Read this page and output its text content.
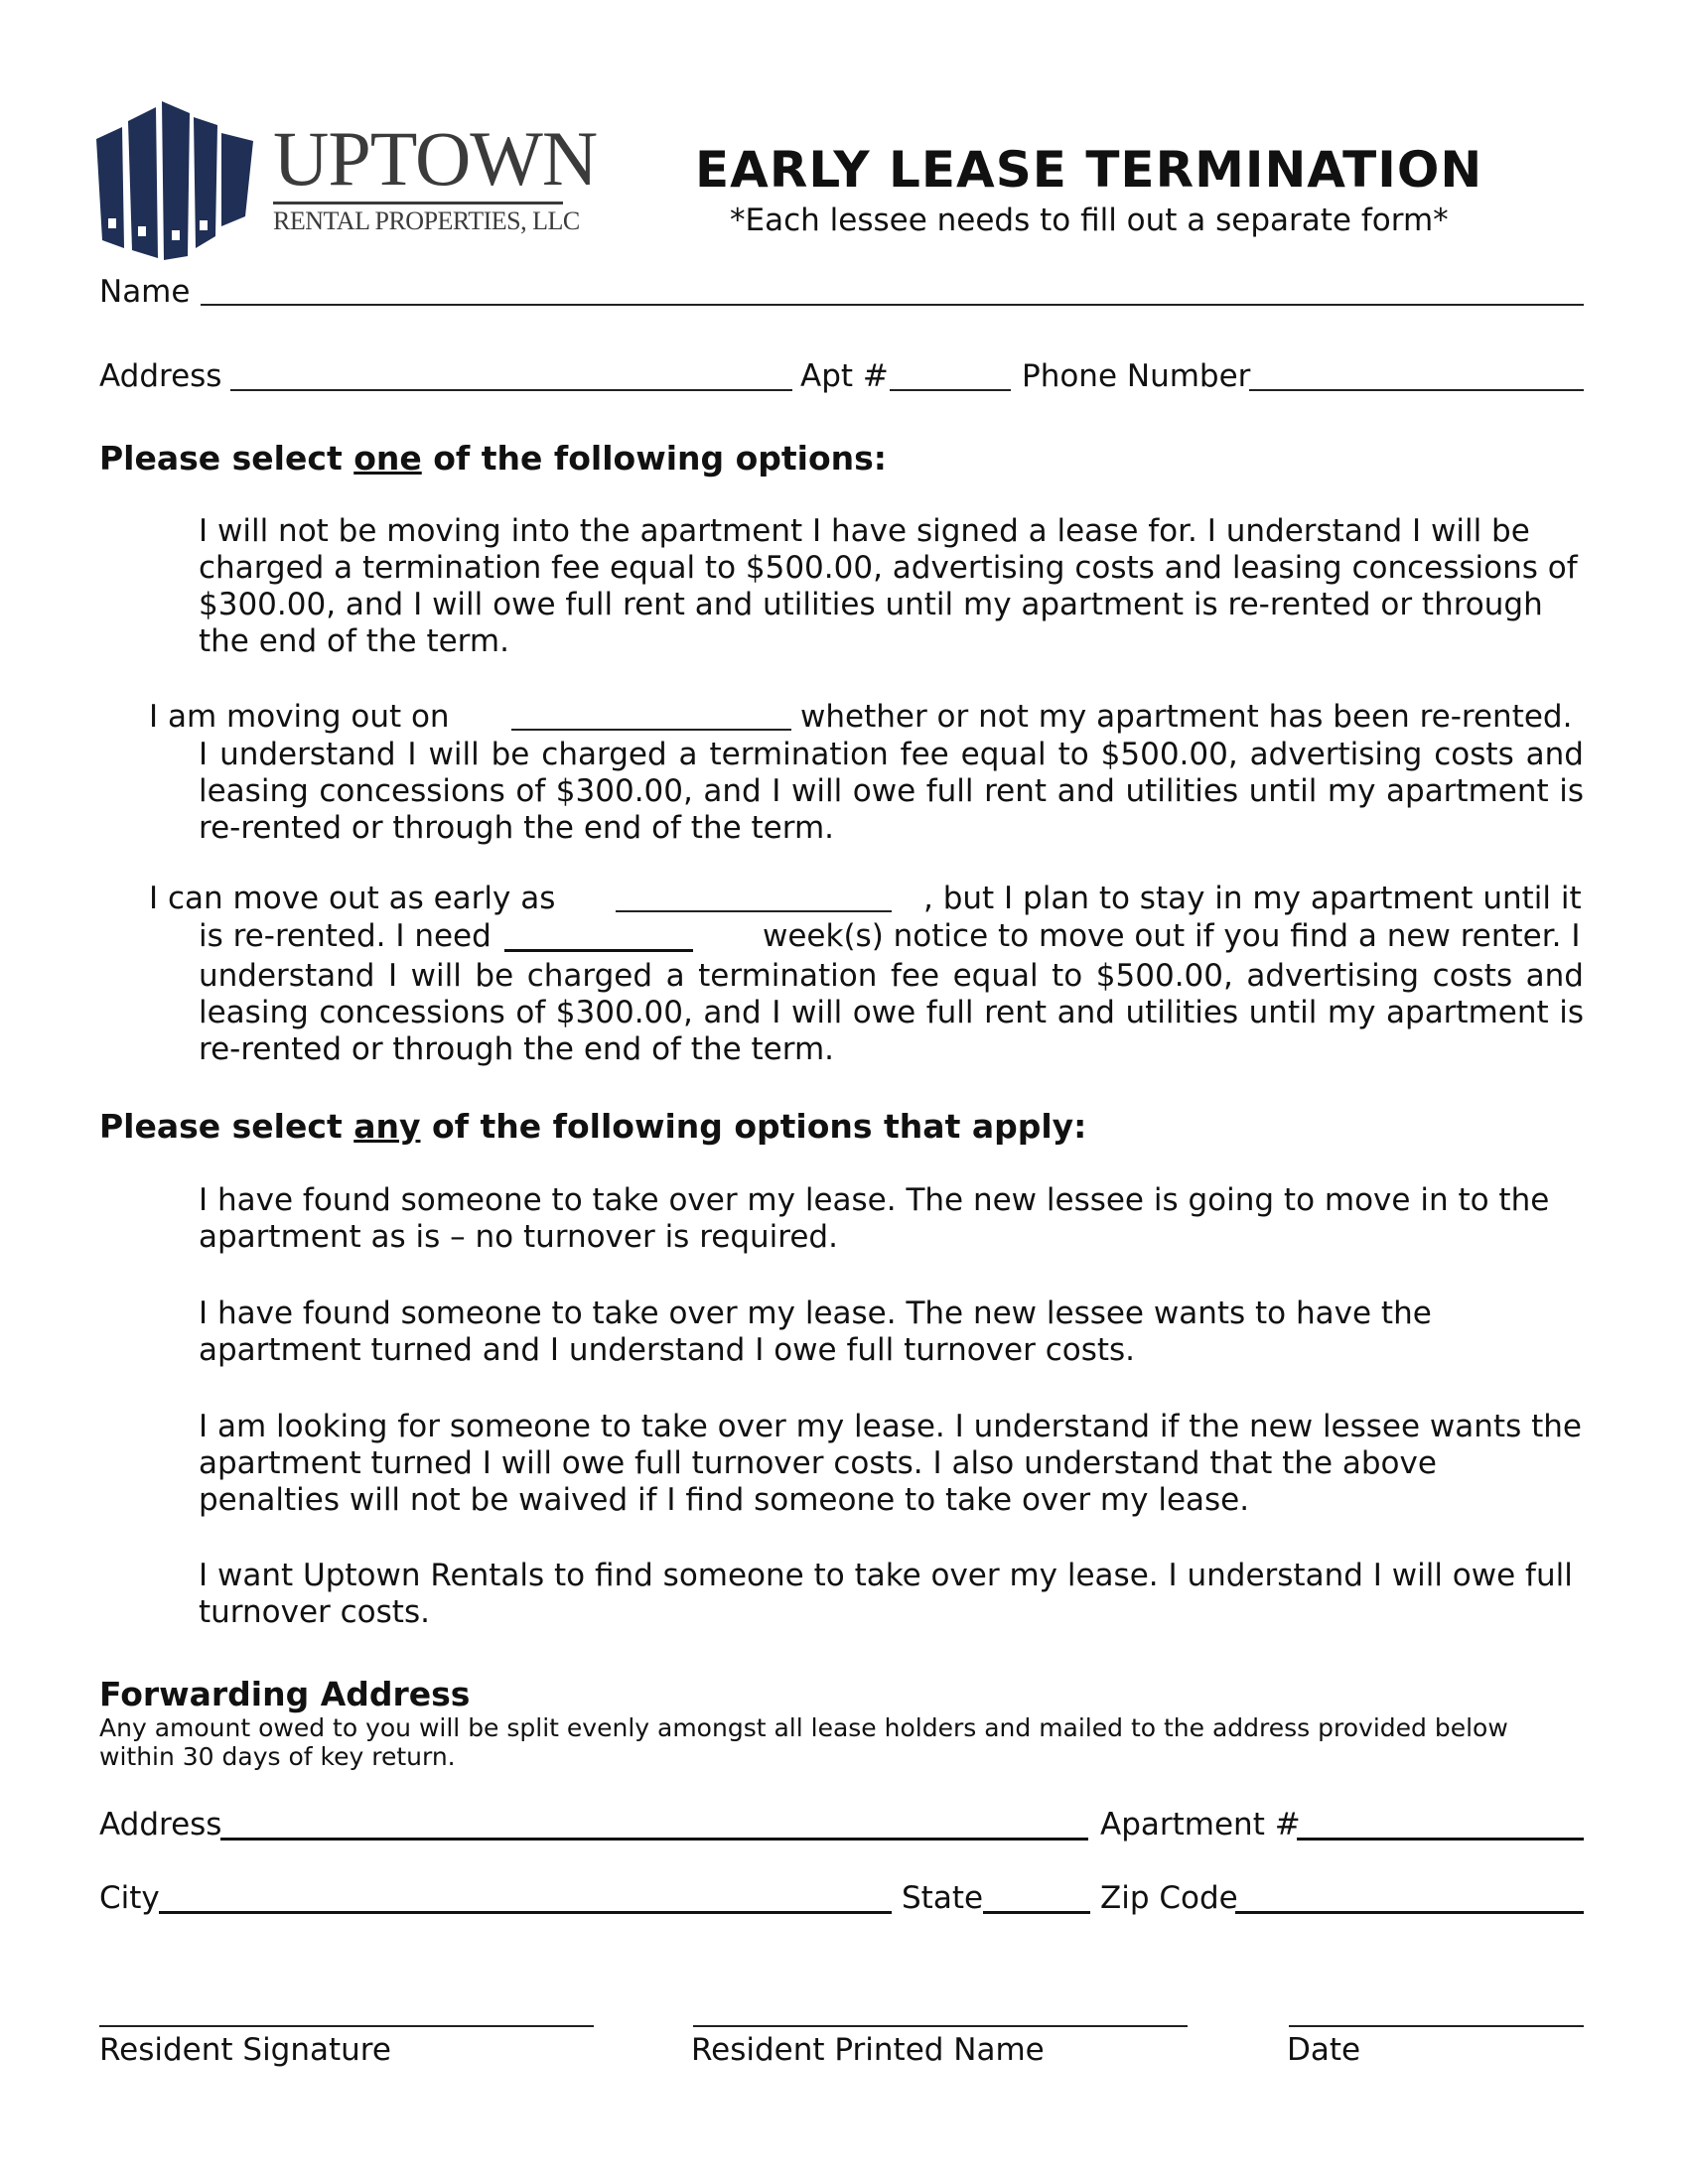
UPTOWN
RENTAL PROPERTIES, LLC
EARLY LEASE TERMINATION
*Each lessee needs to fill out a separate form*
Name
Address	Apt #	Phone Number
Please select one of the following options:
I will not be moving into the apartment I have signed a lease for. I understand I will be charged a termination fee equal to $500.00, advertising costs and leasing concessions of $300.00, and I will owe full rent and utilities until my apartment is re-rented or through the end of the term.
I am moving out on	whether or not my apartment has been re-rented.
I understand I will be charged a termination fee equal to $500.00, advertising costs and leasing concessions of $300.00, and I will owe full rent and utilities until my apartment is re-rented or through the end of the term.
I can move out as early as	, but I plan to stay in my apartment until it
is re-rented. I need	week(s) notice to move out if you find a new renter. I
understand I will be charged a termination fee equal to $500.00, advertising costs and leasing concessions of $300.00, and I will owe full rent and utilities until my apartment is re-rented or through the end of the term.
Please select any of the following options that apply:
I have found someone to take over my lease. The new lessee is going to move in to the apartment as is – no turnover is required.
I have found someone to take over my lease. The new lessee wants to have the apartment turned and I understand I owe full turnover costs.
I am looking for someone to take over my lease. I understand if the new lessee wants the apartment turned I will owe full turnover costs. I also understand that the above penalties will not be waived if I find someone to take over my lease.
I want Uptown Rentals to find someone to take over my lease. I understand I will owe full turnover costs.
Forwarding Address
Any amount owed to you will be split evenly amongst all lease holders and mailed to the address provided below within 30 days of key return.
Address	Apartment #
City	State	Zip Code
Resident Signature	Resident Printed Name	Date
